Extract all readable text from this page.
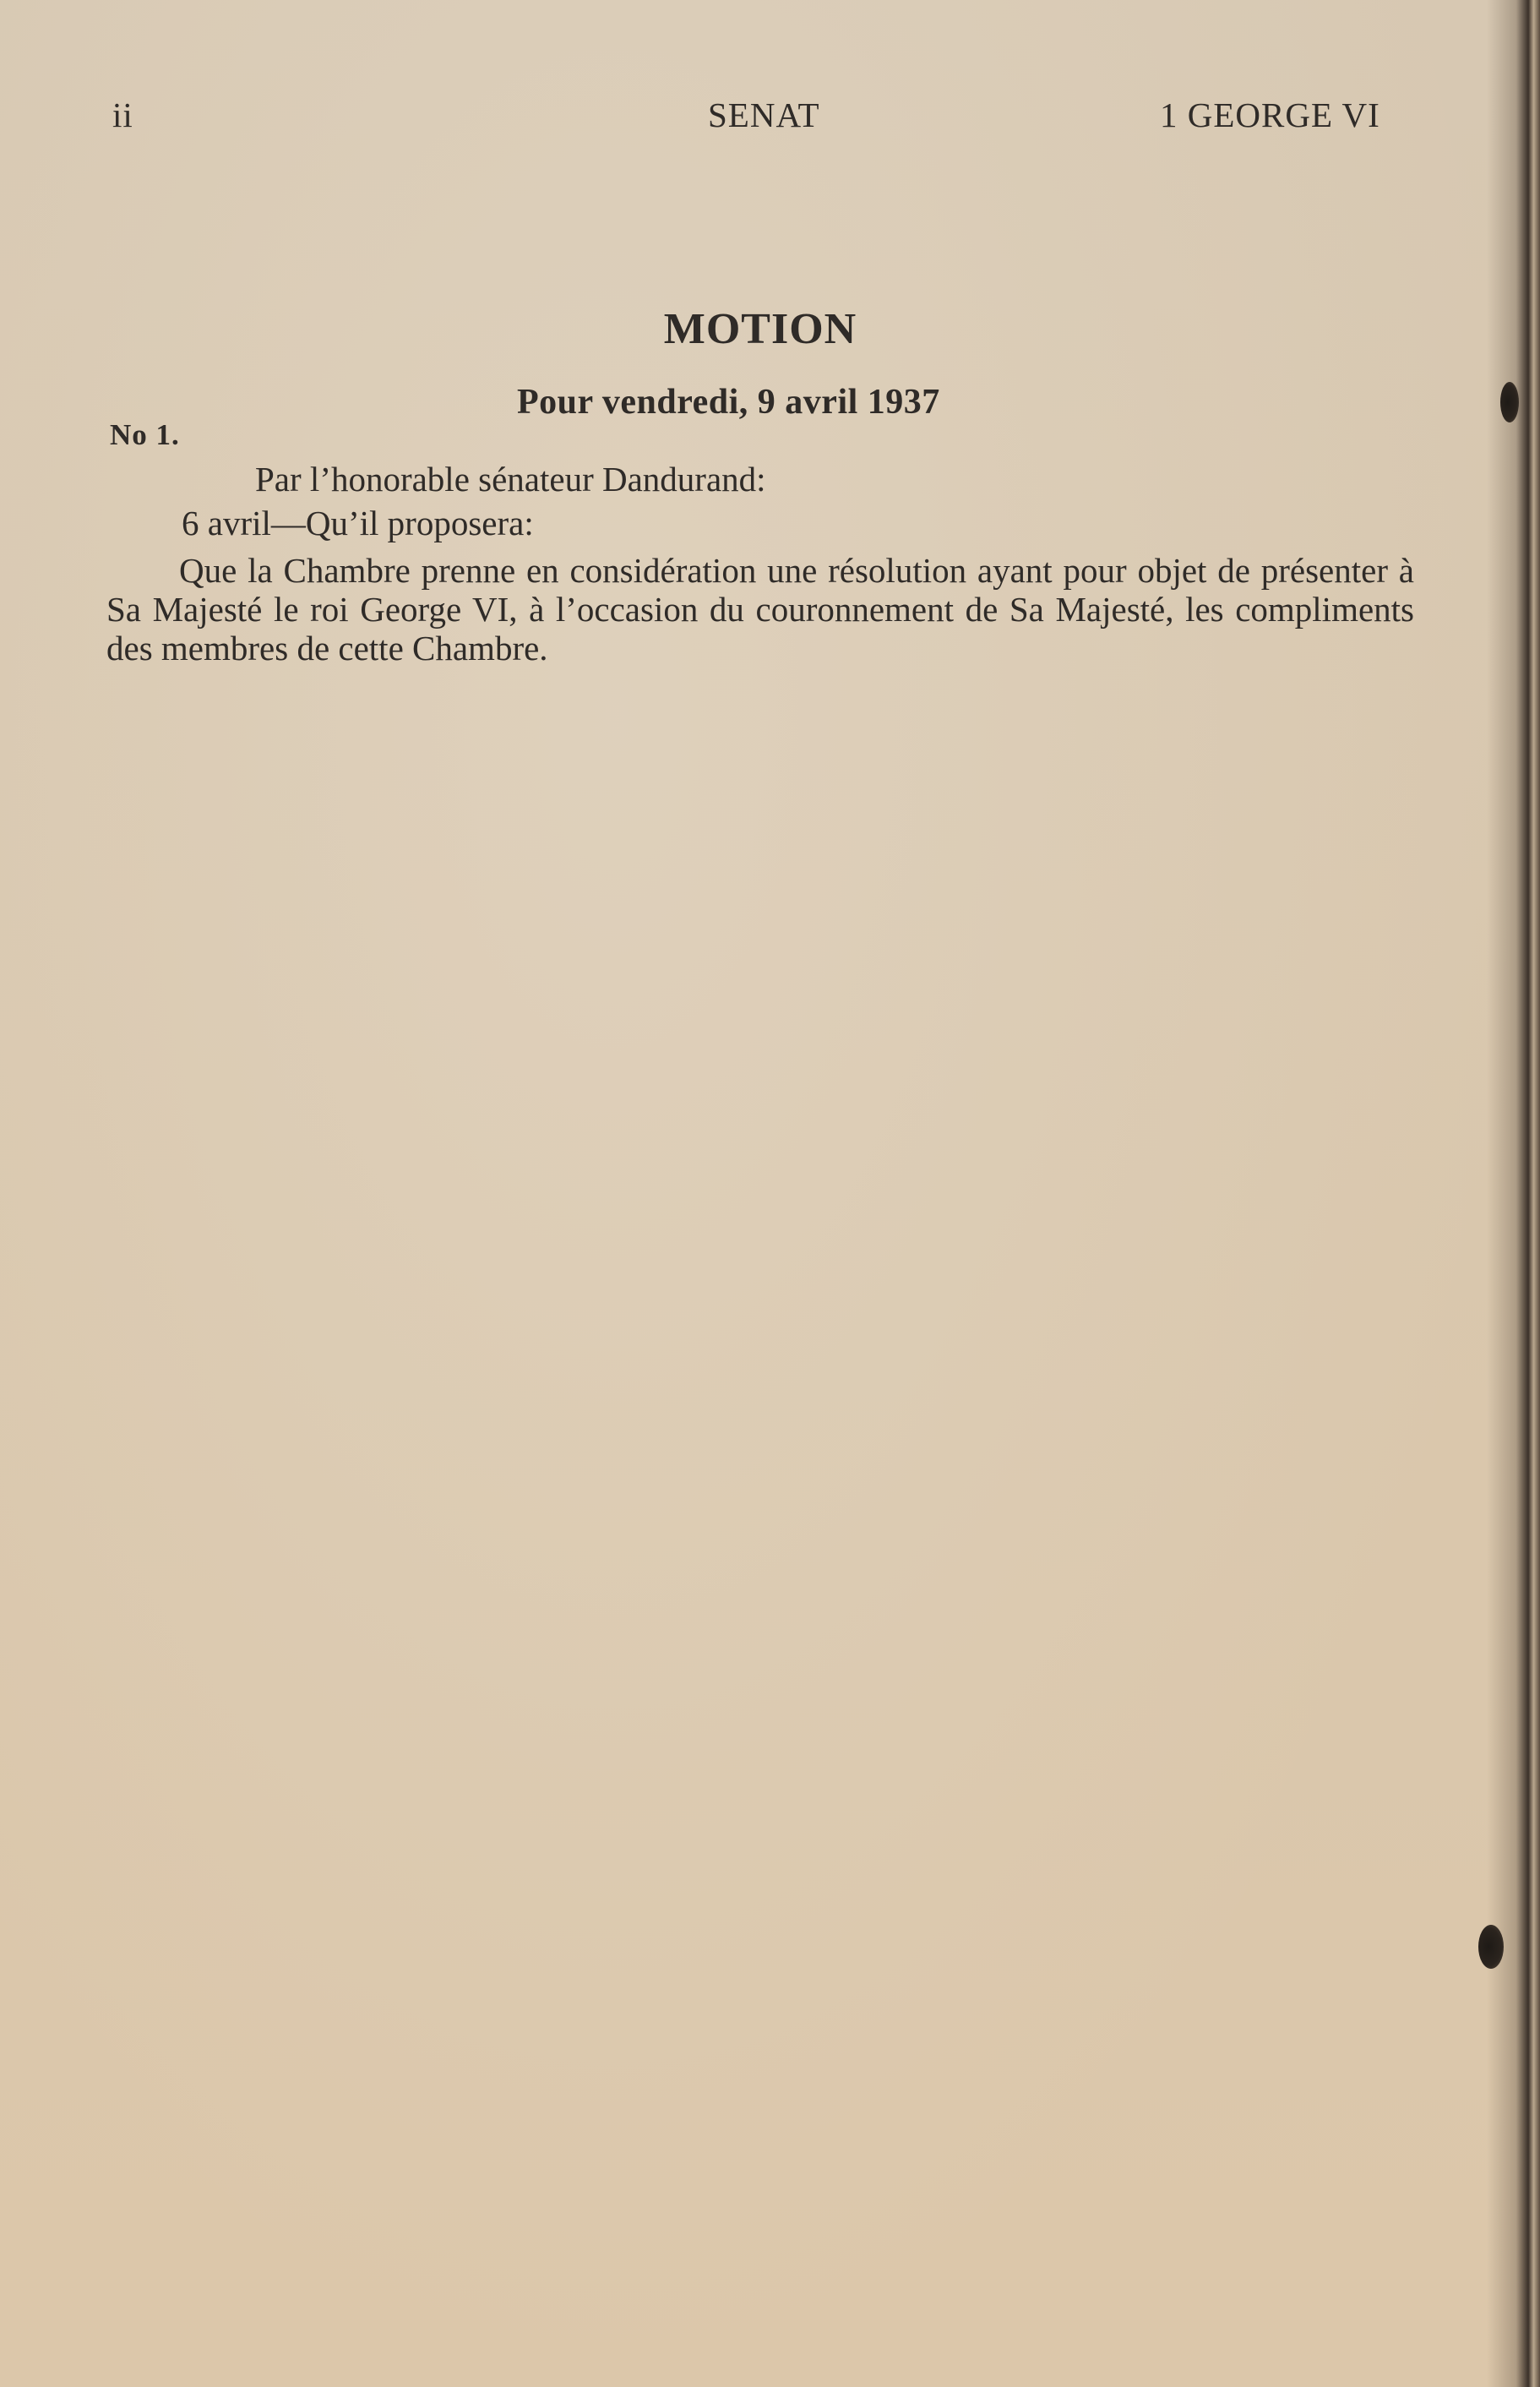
ii	SENAT	1 GEORGE VI
MOTION
Pour vendredi, 9 avril 1937
No 1.
Par l’honorable sénateur Dandurand:
6 avril—Qu’il proposera:
Que la Chambre prenne en considération une résolution ayant pour objet de présenter à Sa Majesté le roi George VI, à l’occasion du couronnement de Sa Majesté, les compliments des membres de cette Chambre.
